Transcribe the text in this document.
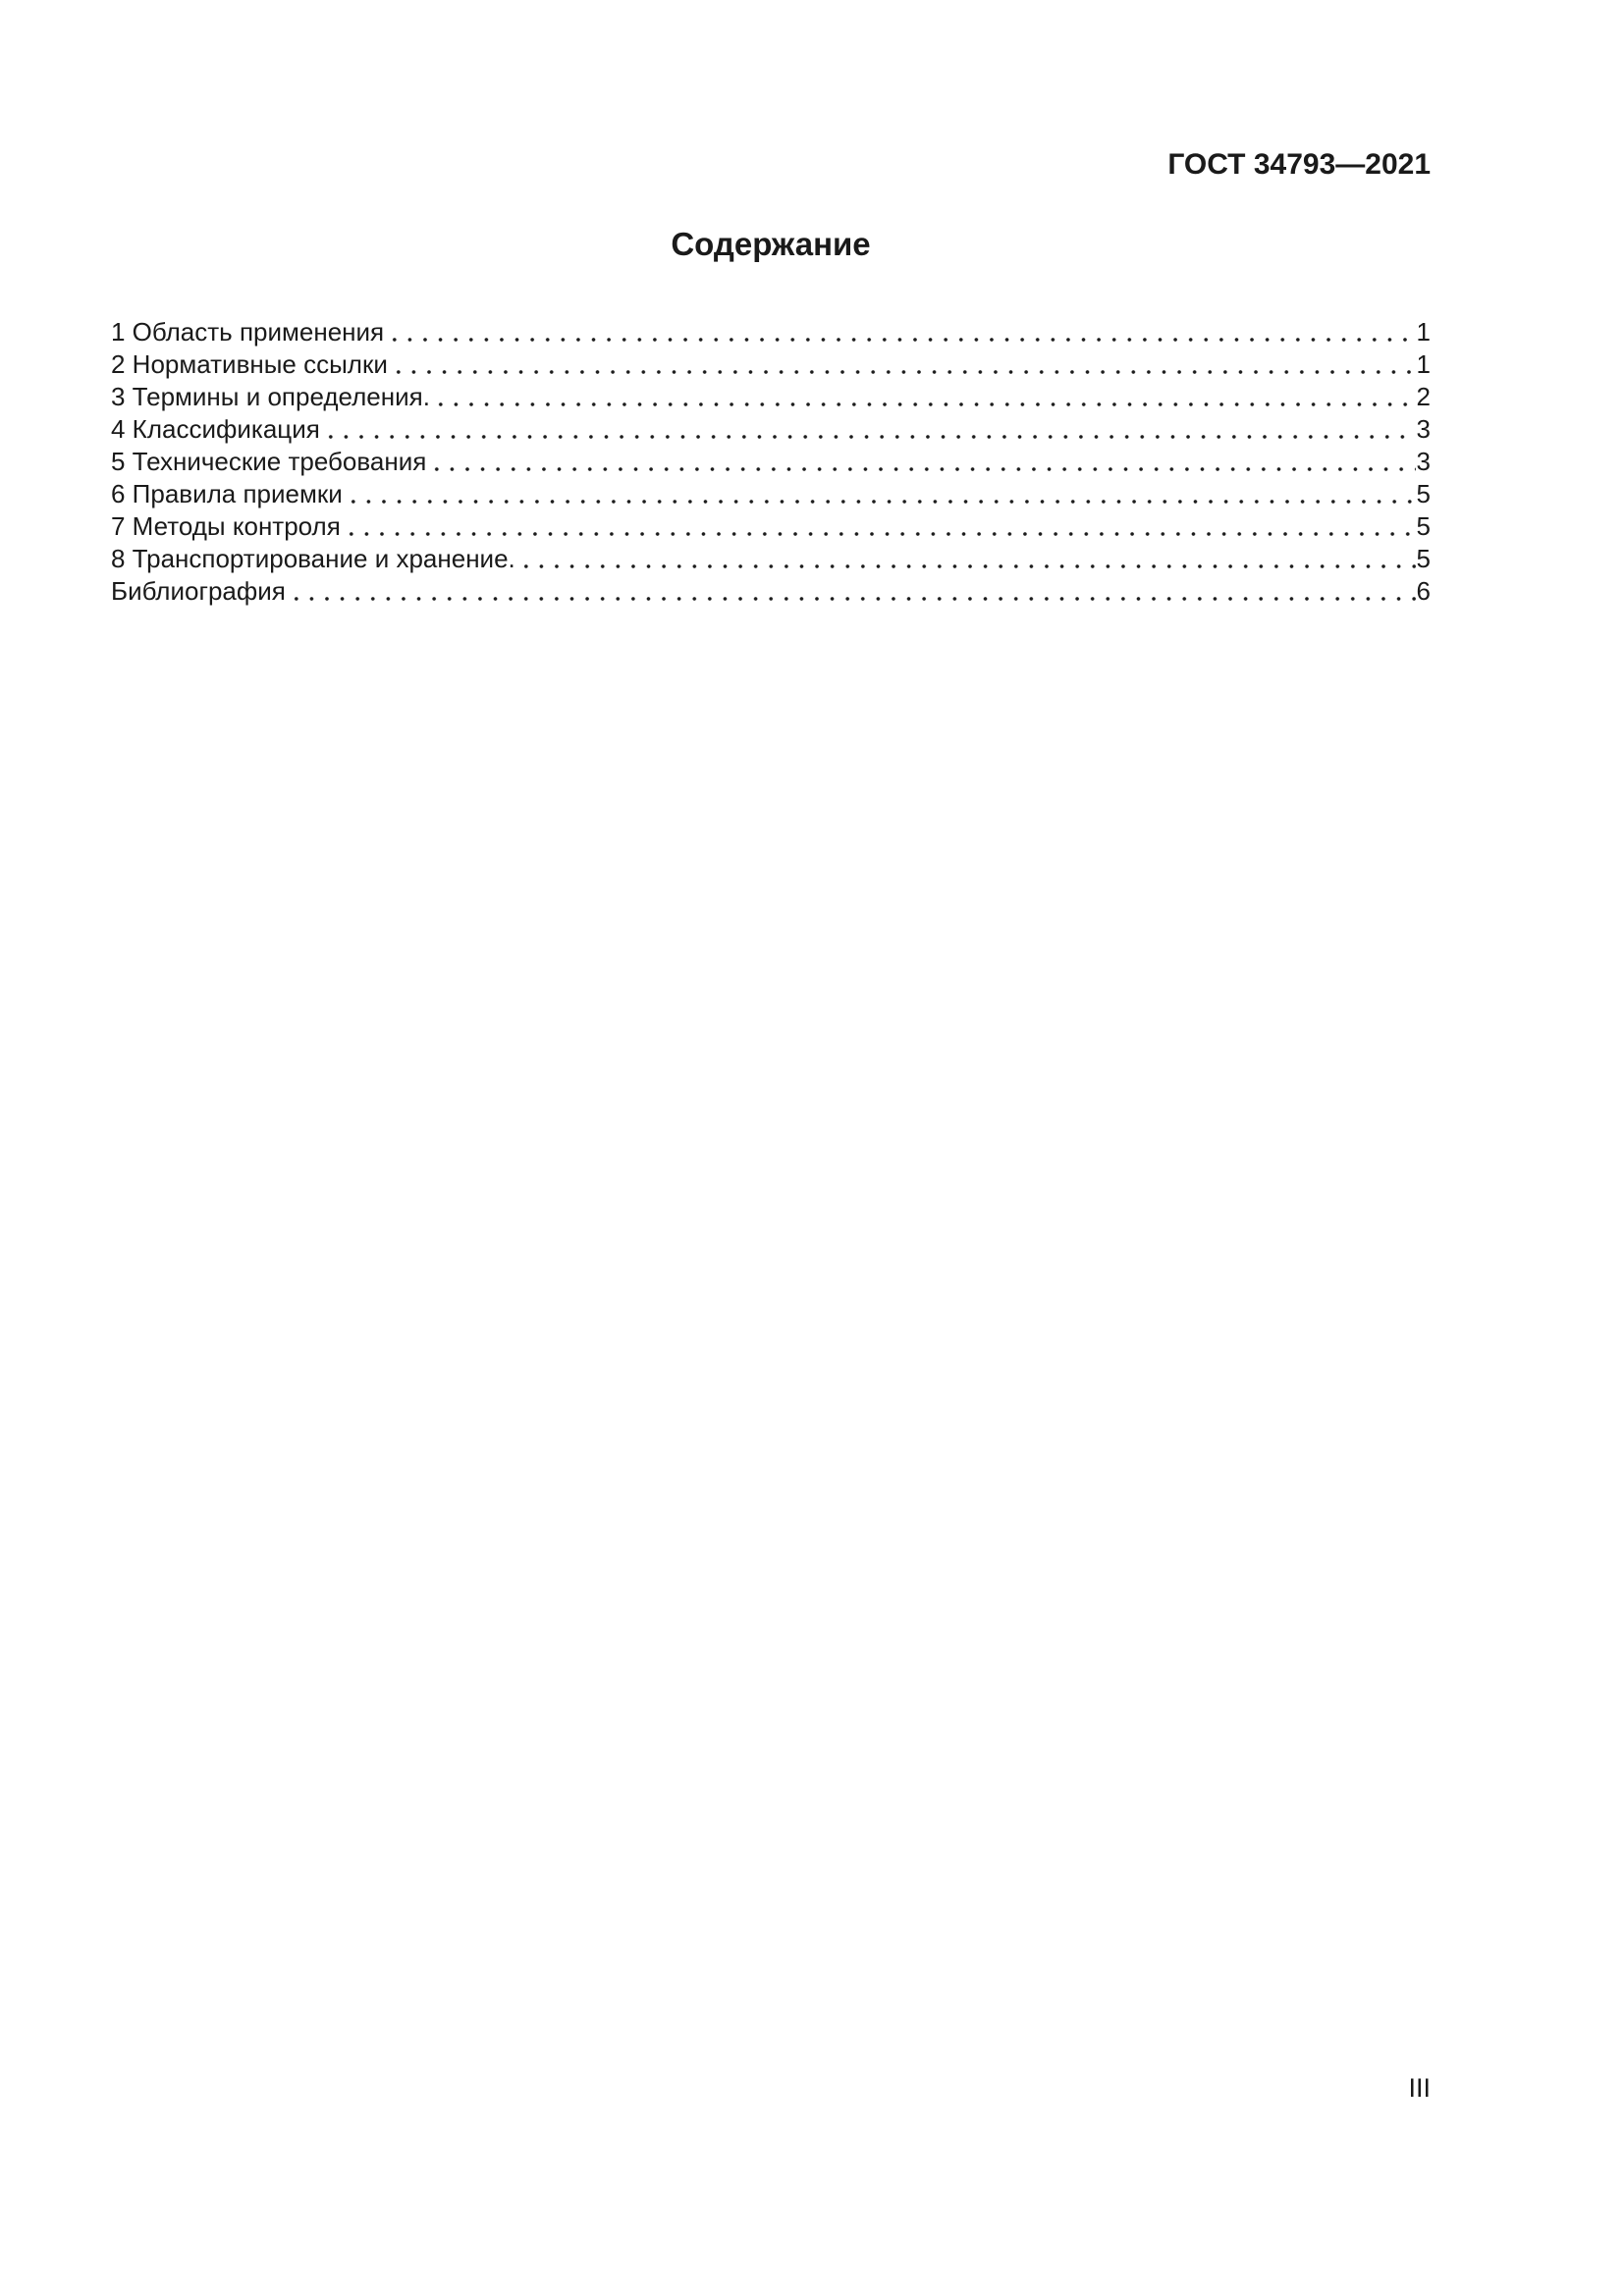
ГОСТ 34793—2021
Содержание
1 Область применения	1
2 Нормативные ссылки	1
3 Термины и определения.	2
4 Классификация	3
5 Технические требования	3
6 Правила приемки	5
7 Методы контроля	5
8 Транспортирование и хранение.	5
Библиография	6
III
